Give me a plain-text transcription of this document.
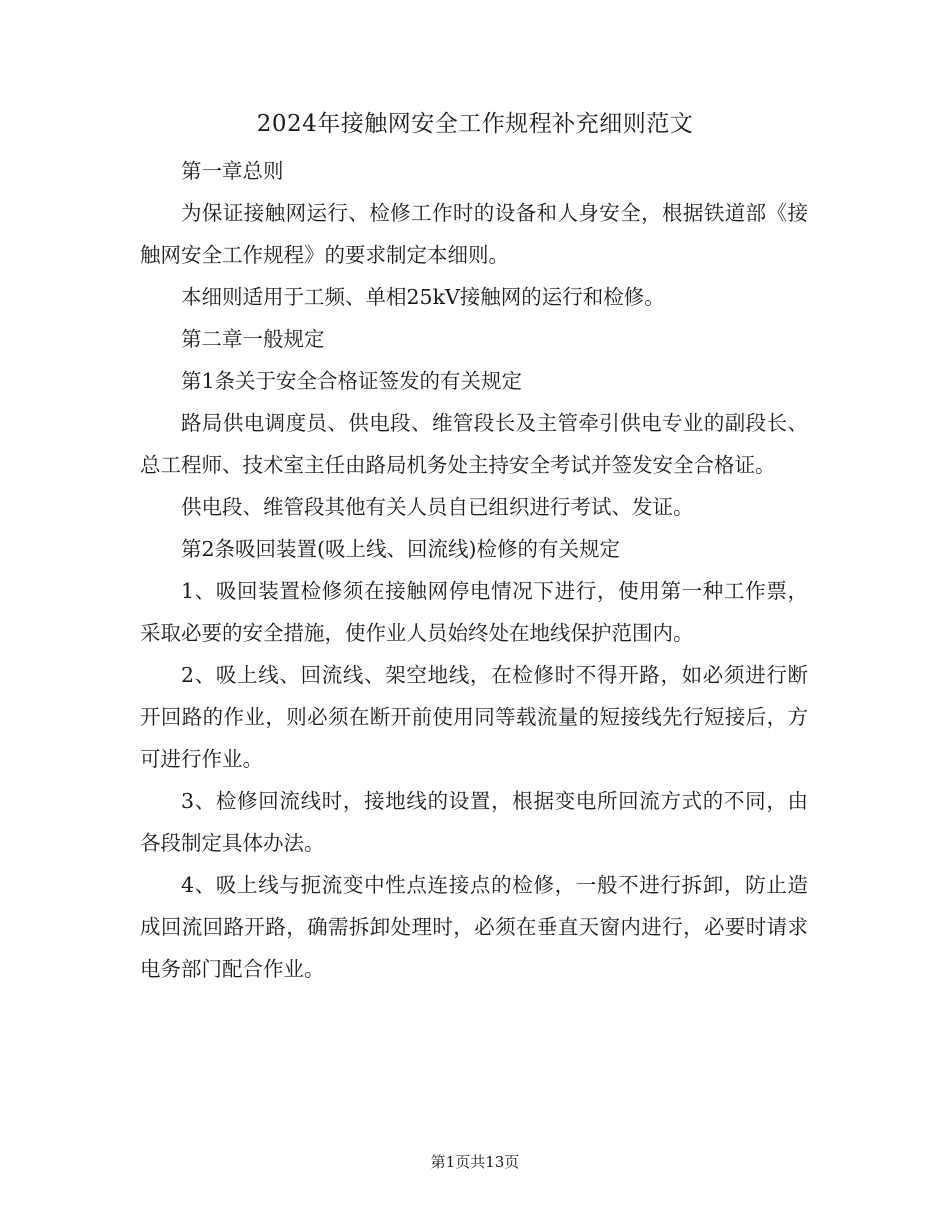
2024年接触网安全工作规程补充细则范文

第一章总则

为保证接触网运行、检修工作时的设备和人身安全，根据铁道部《接触网安全工作规程》的要求制定本细则。

本细则适用于工频、单相25kV接触网的运行和检修。

第二章一般规定

第1条关于安全合格证签发的有关规定

路局供电调度员、供电段、维管段长及主管牵引供电专业的副段长、总工程师、技术室主任由路局机务处主持安全考试并签发安全合格证。

供电段、维管段其他有关人员自已组织进行考试、发证。

第2条吸回装置(吸上线、回流线)检修的有关规定

1、吸回装置检修须在接触网停电情况下进行，使用第一种工作票，采取必要的安全措施，使作业人员始终处在地线保护范围内。

2、吸上线、回流线、架空地线，在检修时不得开路，如必须进行断开回路的作业，则必须在断开前使用同等载流量的短接线先行短接后，方可进行作业。

3、检修回流线时，接地线的设置，根据变电所回流方式的不同，由各段制定具体办法。

4、吸上线与扼流变中性点连接点的检修，一般不进行拆卸，防止造成回流回路开路，确需拆卸处理时，必须在垂直天窗内进行，必要时请求电务部门配合作业。

第1页共13页
